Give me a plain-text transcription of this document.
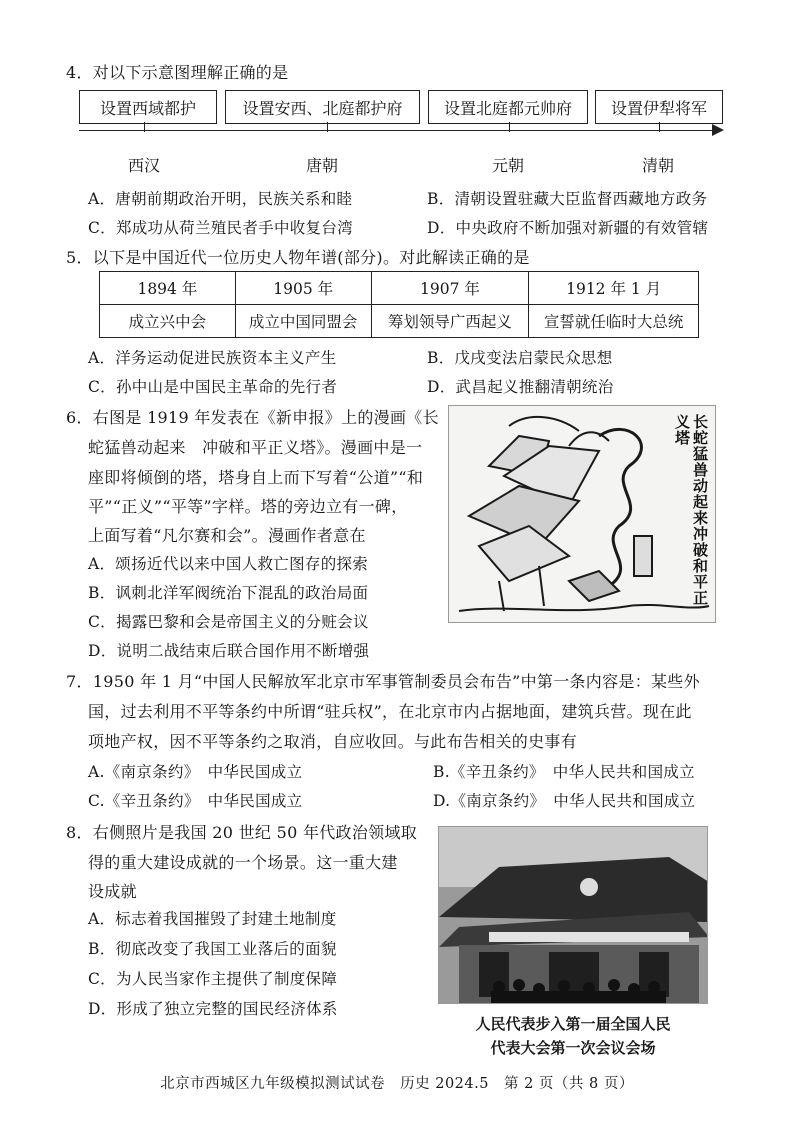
4．对以下示意图理解正确的是
设置西域都护	设置安西、北庭都护府	设置北庭都元帅府	设置伊犁将军
西汉	唐朝	元朝	清朝
A．唐朝前期政治开明，民族关系和睦	B．清朝设置驻藏大臣监督西藏地方政务
C．郑成功从荷兰殖民者手中收复台湾	D．中央政府不断加强对新疆的有效管辖
5．以下是中国近代一位历史人物年谱(部分)。对此解读正确的是
1894 年	1905 年	1907 年	1912 年 1 月
成立兴中会	成立中国同盟会	筹划领导广西起义	宣誓就任临时大总统
A．洋务运动促进民族资本主义产生	B．戊戌变法启蒙民众思想
C．孙中山是中国民主革命的先行者	D．武昌起义推翻清朝统治
6．右图是 1919 年发表在《新申报》上的漫画《长
蛇猛兽动起来　冲破和平正义塔》。漫画中是一
座即将倾倒的塔，塔身自上而下写着“公道”“和
平”“正义”“平等”字样。塔的旁边立有一碑，
上面写着“凡尔赛和会”。漫画作者意在
A．颂扬近代以来中国人救亡图存的探索
B．讽刺北洋军阀统治下混乱的政治局面
C．揭露巴黎和会是帝国主义的分赃会议
D．说明二战结束后联合国作用不断增强
长蛇猛兽动起来冲破和平正义塔
7．1950 年 1 月“中国人民解放军北京市军事管制委员会布告”中第一条内容是：某些外
国，过去利用不平等条约中所谓“驻兵权”，在北京市内占据地面，建筑兵营。现在此
项地产权，因不平等条约之取消，自应收回。与此布告相关的史事有
A.《南京条约》　中华民国成立	B.《辛丑条约》　中华人民共和国成立
C.《辛丑条约》　中华民国成立	D.《南京条约》　中华人民共和国成立
8．右侧照片是我国 20 世纪 50 年代政治领域取
得的重大建设成就的一个场景。这一重大建
设成就
A．标志着我国摧毁了封建土地制度
B．彻底改变了我国工业落后的面貌
C．为人民当家作主提供了制度保障
D．形成了独立完整的国民经济体系
人民代表步入第一届全国人民
代表大会第一次会议会场
北京市西城区九年级模拟测试试卷　历史 2024.5　第 2 页（共 8 页）
